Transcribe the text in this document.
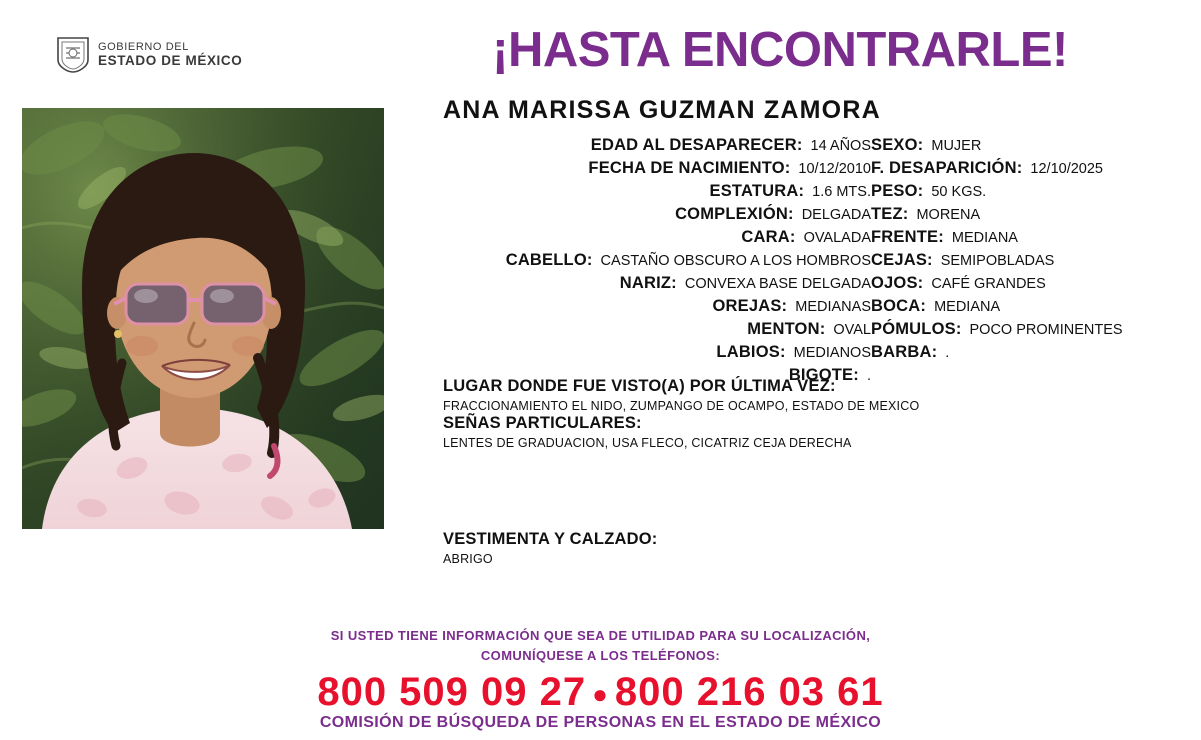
GOBIERNO DEL
ESTADO DE MÉXICO	¡HASTA ENCONTRARLE!
ANA MARISSA GUZMAN ZAMORA
EDAD AL DESAPARECER: 14 AÑOS SEXO: MUJER
FECHA DE NACIMIENTO: 10/12/2010 F. DESAPARICIÓN: 12/10/2025
ESTATURA: 1.6 MTS. PESO: 50 KGS.
COMPLEXIÓN: DELGADA TEZ: MORENA
CARA: OVALADA FRENTE: MEDIANA
CABELLO: CASTAÑO OBSCURO A LOS HOMBROS CEJAS: SEMIPOBLADAS
NARIZ: CONVEXA BASE DELGADA OJOS: CAFÉ GRANDES
OREJAS: MEDIANAS BOCA: MEDIANA
MENTON: OVAL PÓMULOS: POCO PROMINENTES
LABIOS: MEDIANOS BARBA: .
BIGOTE: .
LUGAR DONDE FUE VISTO(A) POR ÚLTIMA VEZ:
FRACCIONAMIENTO EL NIDO, ZUMPANGO DE OCAMPO, ESTADO DE MEXICO
SEÑAS PARTICULARES:
LENTES DE GRADUACION, USA FLECO, CICATRIZ CEJA DERECHA
VESTIMENTA Y CALZADO:
ABRIGO
SI USTED TIENE INFORMACIÓN QUE SEA DE UTILIDAD PARA SU LOCALIZACIÓN,
COMUNÍQUESE A LOS TELÉFONOS:
800 509 09 27 ● 800 216 03 61
COMISIÓN DE BÚSQUEDA DE PERSONAS EN EL ESTADO DE MÉXICO
